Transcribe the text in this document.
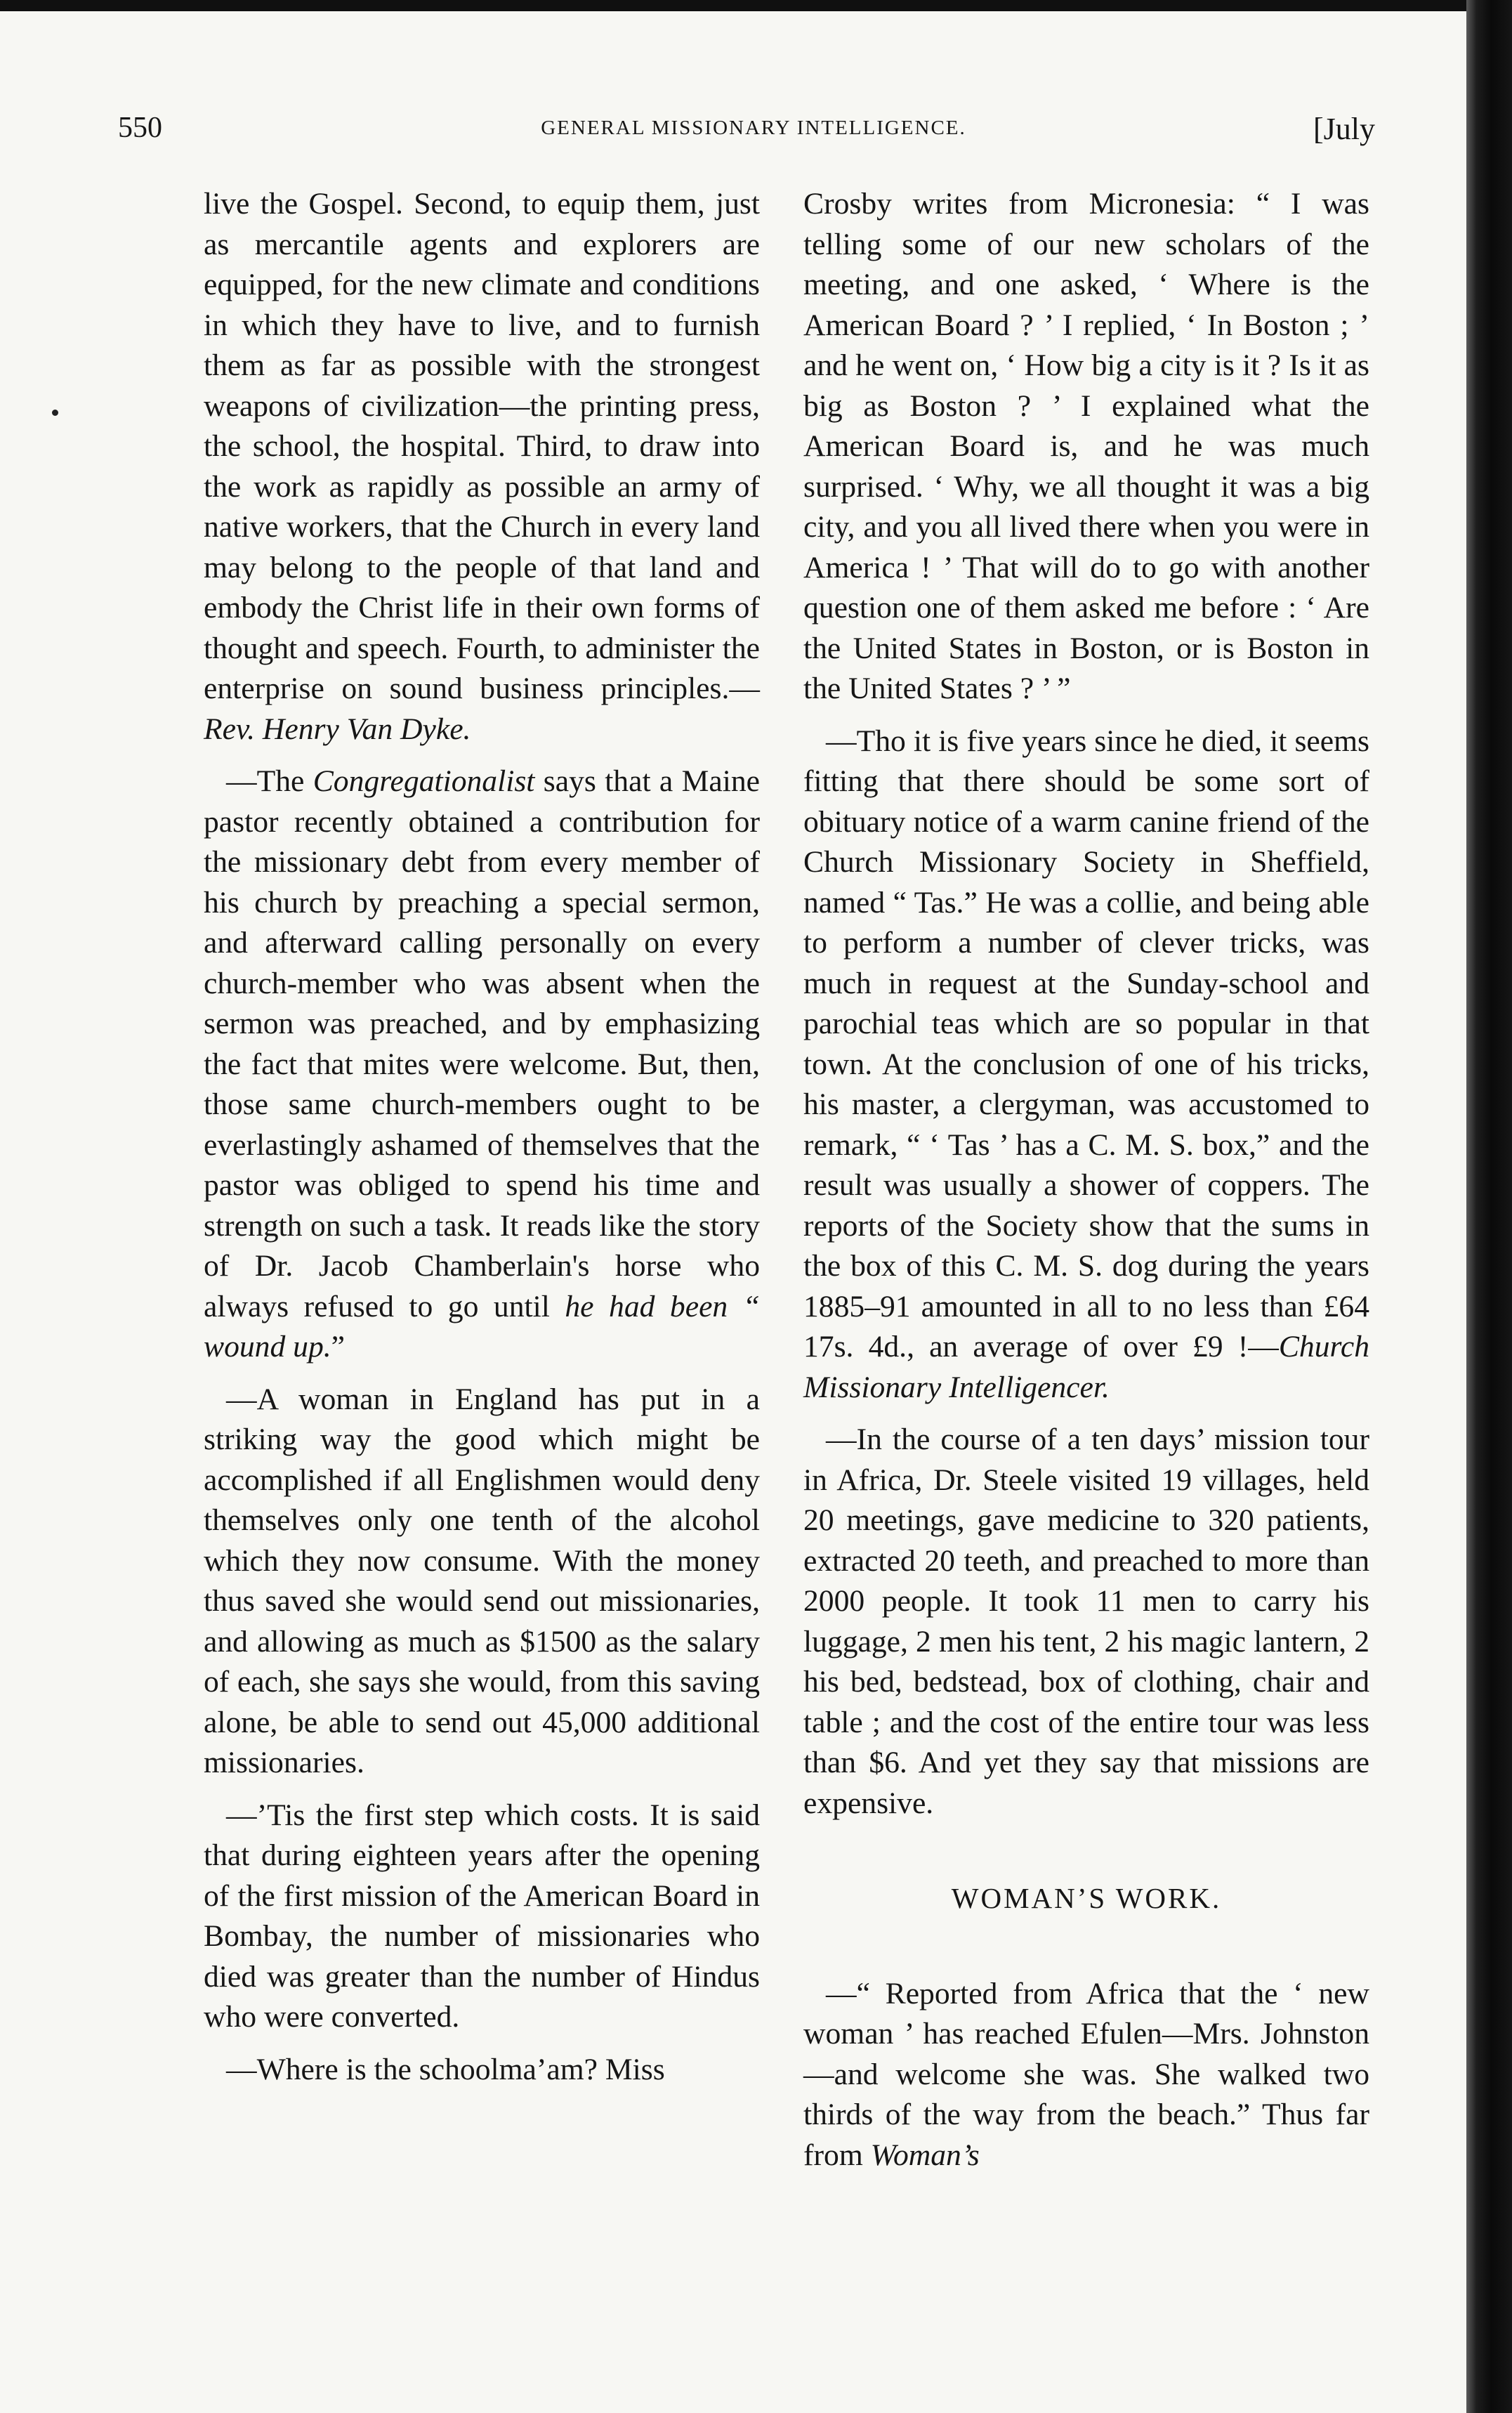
550	GENERAL MISSIONARY INTELLIGENCE.	[July

live the Gospel. Second, to equip them, just as mercantile agents and explorers are equipped, for the new climate and conditions in which they have to live, and to furnish them as far as possible with the strongest weapons of civilization—the printing press, the school, the hospital. Third, to draw into the work as rapidly as possible an army of native workers, that the Church in every land may belong to the people of that land and embody the Christ life in their own forms of thought and speech. Fourth, to administer the enterprise on sound business principles.—Rev. Henry Van Dyke.

—The Congregationalist says that a Maine pastor recently obtained a contribution for the missionary debt from every member of his church by preaching a special sermon, and afterward calling personally on every church-member who was absent when the sermon was preached, and by emphasizing the fact that mites were welcome. But, then, those same church-members ought to be everlastingly ashamed of themselves that the pastor was obliged to spend his time and strength on such a task. It reads like the story of Dr. Jacob Chamberlain's horse who always refused to go until he had been “ wound up.”

—A woman in England has put in a striking way the good which might be accomplished if all Englishmen would deny themselves only one tenth of the alcohol which they now consume. With the money thus saved she would send out missionaries, and allowing as much as $1500 as the salary of each, she says she would, from this saving alone, be able to send out 45,000 additional missionaries.

—’Tis the first step which costs. It is said that during eighteen years after the opening of the first mission of the American Board in Bombay, the number of missionaries who died was greater than the number of Hindus who were converted.

—Where is the schoolma’am? Miss

Crosby writes from Micronesia: “ I was telling some of our new scholars of the meeting, and one asked, ‘ Where is the American Board ? ’ I replied, ‘ In Boston ; ’ and he went on, ‘ How big a city is it ? Is it as big as Boston ? ’ I explained what the American Board is, and he was much surprised. ‘ Why, we all thought it was a big city, and you all lived there when you were in America ! ’ That will do to go with another question one of them asked me before : ‘ Are the United States in Boston, or is Boston in the United States ? ’ ”

—Tho it is five years since he died, it seems fitting that there should be some sort of obituary notice of a warm canine friend of the Church Missionary Society in Sheffield, named “ Tas.” He was a collie, and being able to perform a number of clever tricks, was much in request at the Sunday-school and parochial teas which are so popular in that town. At the conclusion of one of his tricks, his master, a clergyman, was accustomed to remark, “ ‘ Tas ’ has a C. M. S. box,” and the result was usually a shower of coppers. The reports of the Society show that the sums in the box of this C. M. S. dog during the years 1885–91 amounted in all to no less than £64 17s. 4d., an average of over £9 !—Church Missionary Intelligencer.

—In the course of a ten days’ mission tour in Africa, Dr. Steele visited 19 villages, held 20 meetings, gave medicine to 320 patients, extracted 20 teeth, and preached to more than 2000 people. It took 11 men to carry his luggage, 2 men his tent, 2 his magic lantern, 2 his bed, bedstead, box of clothing, chair and table ; and the cost of the entire tour was less than $6. And yet they say that missions are expensive.

WOMAN’S WORK.

—“ Reported from Africa that the ‘ new woman ’ has reached Efulen—Mrs. Johnston—and welcome she was. She walked two thirds of the way from the beach.” Thus far from Woman’s
